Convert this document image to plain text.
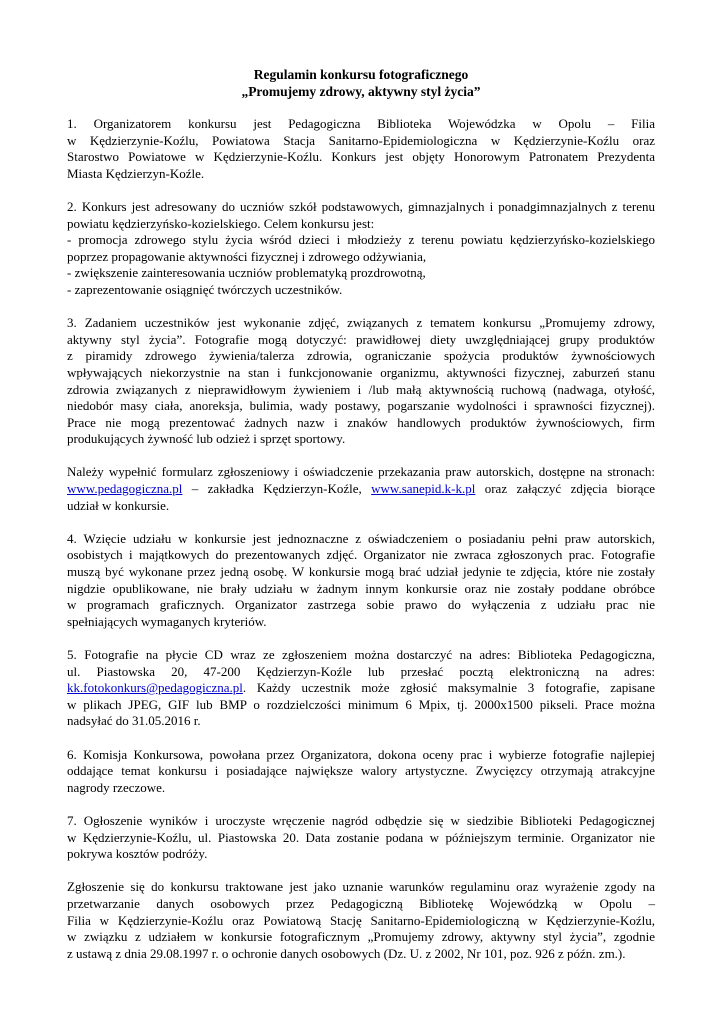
Regulamin konkursu fotograficznego
„Promujemy zdrowy, aktywny styl życia”

1. Organizatorem konkursu jest Pedagogiczna Biblioteka Wojewódzka w Opolu – Filia
w Kędzierzynie-Koźlu, Powiatowa Stacja Sanitarno-Epidemiologiczna w Kędzierzynie-Koźlu oraz
Starostwo Powiatowe w Kędzierzynie-Koźlu. Konkurs jest objęty Honorowym Patronatem Prezydenta
Miasta Kędzierzyn-Koźle.

2. Konkurs jest adresowany do uczniów szkół podstawowych, gimnazjalnych i ponadgimnazjalnych z terenu
powiatu kędzierzyńsko-kozielskiego. Celem konkursu jest:
- promocja zdrowego stylu życia wśród dzieci i młodzieży z terenu powiatu kędzierzyńsko-kozielskiego
poprzez propagowanie aktywności fizycznej i zdrowego odżywiania,
- zwiększenie zainteresowania uczniów problematyką prozdrowotną,
- zaprezentowanie osiągnięć twórczych uczestników.

3. Zadaniem uczestników jest wykonanie zdjęć, związanych z tematem konkursu „Promujemy zdrowy,
aktywny styl życia”. Fotografie mogą dotyczyć: prawidłowej diety uwzględniającej grupy produktów
z piramidy zdrowego żywienia/talerza zdrowia, ograniczanie spożycia produktów żywnościowych
wpływających niekorzystnie na stan i funkcjonowanie organizmu, aktywności fizycznej, zaburzeń stanu
zdrowia związanych z nieprawidłowym żywieniem i /lub małą aktywnością ruchową (nadwaga, otyłość,
niedobór masy ciała, anoreksja, bulimia, wady postawy, pogarszanie wydolności i sprawności fizycznej).
Prace nie mogą prezentować żadnych nazw i znaków handlowych produktów żywnościowych, firm
produkujących żywność lub odzież i sprzęt sportowy.

Należy wypełnić formularz zgłoszeniowy i oświadczenie przekazania praw autorskich, dostępne na stronach:
www.pedagogiczna.pl – zakładka Kędzierzyn-Koźle, www.sanepid.k-k.pl oraz załączyć zdjęcia biorące
udział w konkursie.

4. Wzięcie udziału w konkursie jest jednoznaczne z oświadczeniem o posiadaniu pełni praw autorskich,
osobistych i majątkowych do prezentowanych zdjęć. Organizator nie zwraca zgłoszonych prac. Fotografie
muszą być wykonane przez jedną osobę. W konkursie mogą brać udział jedynie te zdjęcia, które nie zostały
nigdzie opublikowane, nie brały udziału w żadnym innym konkursie oraz nie zostały poddane obróbce
w programach graficznych. Organizator zastrzega sobie prawo do wyłączenia z udziału prac nie
spełniających wymaganych kryteriów.

5. Fotografie na płycie CD wraz ze zgłoszeniem można dostarczyć na adres: Biblioteka Pedagogiczna,
ul. Piastowska 20, 47-200 Kędzierzyn-Koźle lub przesłać pocztą elektroniczną na adres:
kk.fotokonkurs@pedagogiczna.pl. Każdy uczestnik może zgłosić maksymalnie 3 fotografie, zapisane
w plikach JPEG, GIF lub BMP o rozdzielczości minimum 6 Mpix, tj. 2000x1500 pikseli. Prace można
nadsyłać do 31.05.2016 r.

6. Komisja Konkursowa, powołana przez Organizatora, dokona oceny prac i wybierze fotografie najlepiej
oddające temat konkursu i posiadające największe walory artystyczne. Zwycięzcy otrzymają atrakcyjne
nagrody rzeczowe.

7. Ogłoszenie wyników i uroczyste wręczenie nagród odbędzie się w siedzibie Biblioteki Pedagogicznej
w Kędzierzynie-Koźlu, ul. Piastowska 20. Data zostanie podana w późniejszym terminie. Organizator nie
pokrywa kosztów podróży.

Zgłoszenie się do konkursu traktowane jest jako uznanie warunków regulaminu oraz wyrażenie zgody na
przetwarzanie danych osobowych przez Pedagogiczną Bibliotekę Wojewódzką w Opolu –
Filia w Kędzierzynie-Koźlu oraz Powiatową Stację Sanitarno-Epidemiologiczną w Kędzierzynie-Koźlu,
w związku z udziałem w konkursie fotograficznym „Promujemy zdrowy, aktywny styl życia”, zgodnie
z ustawą z dnia 29.08.1997 r. o ochronie danych osobowych (Dz. U. z 2002, Nr 101, poz. 926 z późn. zm.).
